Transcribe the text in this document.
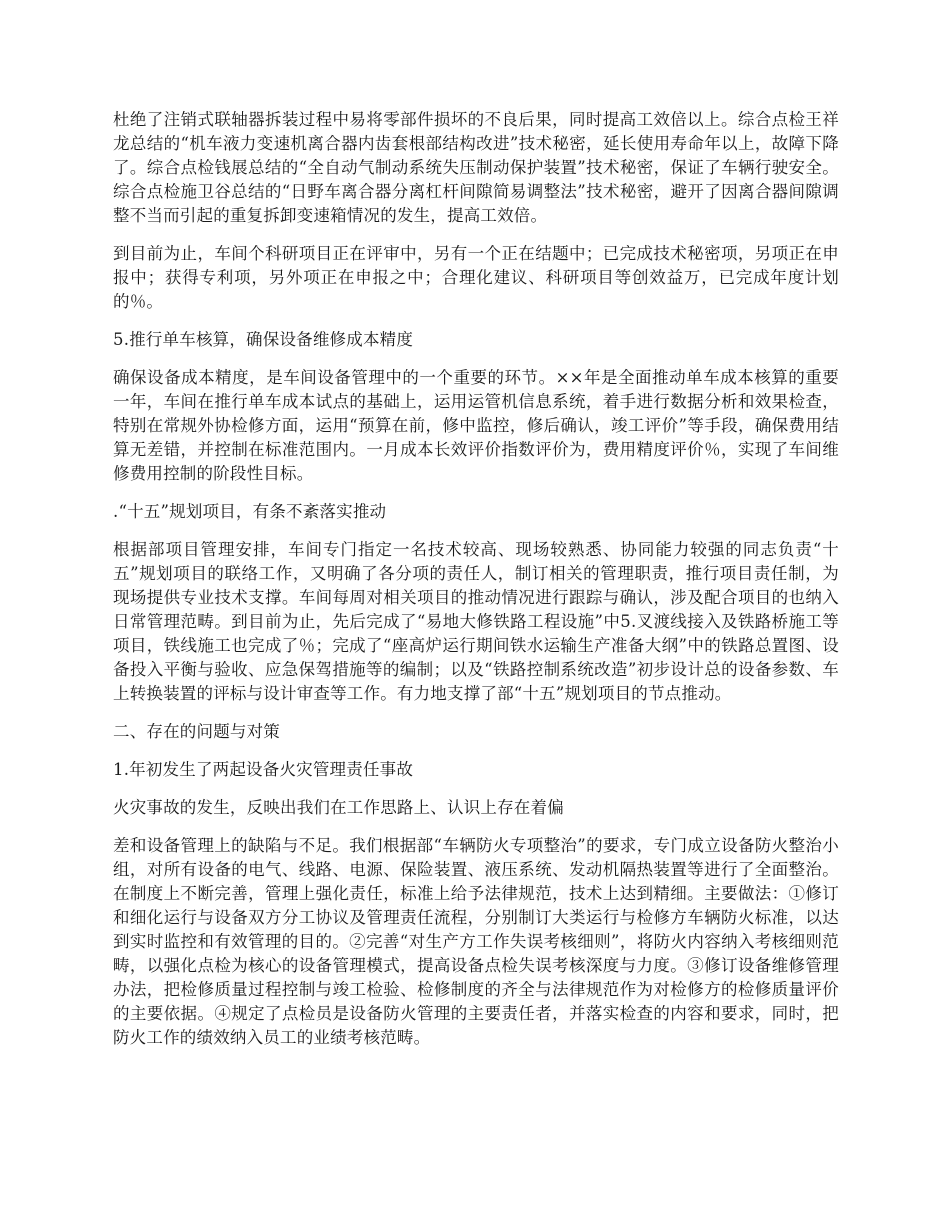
杜绝了注销式联轴器拆装过程中易将零部件损坏的不良后果，同时提高工效倍以上。综合点检王祥龙总结的“机车液力变速机离合器内齿套根部结构改进”技术秘密，延长使用寿命年以上，故障下降了。综合点检钱展总结的“全自动气制动系统失压制动保护装置”技术秘密，保证了车辆行驶安全。综合点检施卫谷总结的“日野车离合器分离杠杆间隙简易调整法”技术秘密，避开了因离合器间隙调整不当而引起的重复拆卸变速箱情况的发生，提高工效倍。

到目前为止，车间个科研项目正在评审中，另有一个正在结题中；已完成技术秘密项，另项正在申报中；获得专利项，另外项正在申报之中；合理化建议、科研项目等创效益万，已完成年度计划的％。

5.推行单车核算，确保设备维修成本精度

确保设备成本精度，是车间设备管理中的一个重要的环节。××年是全面推动单车成本核算的重要一年，车间在推行单车成本试点的基础上，运用运管机信息系统，着手进行数据分析和效果检查，特别在常规外协检修方面，运用“预算在前，修中监控，修后确认，竣工评价”等手段，确保费用结算无差错，并控制在标准范围内。一月成本长效评价指数评价为，费用精度评价％，实现了车间维修费用控制的阶段性目标。

.“十五”规划项目，有条不紊落实推动

根据部项目管理安排，车间专门指定一名技术较高、现场较熟悉、协同能力较强的同志负责“十五”规划项目的联络工作，又明确了各分项的责任人，制订相关的管理职责，推行项目责任制，为现场提供专业技术支撑。车间每周对相关项目的推动情况进行跟踪与确认，涉及配合项目的也纳入日常管理范畴。到目前为止，先后完成了“易地大修铁路工程设施”中5.叉渡线接入及铁路桥施工等项目，铁线施工也完成了％；完成了“座高炉运行期间铁水运输生产准备大纲”中的铁路总置图、设备投入平衡与验收、应急保驾措施等的编制；以及“铁路控制系统改造”初步设计总的设备参数、车上转换装置的评标与设计审查等工作。有力地支撑了部“十五”规划项目的节点推动。

二、存在的问题与对策

1.年初发生了两起设备火灾管理责任事故

火灾事故的发生，反映出我们在工作思路上、认识上存在着偏

差和设备管理上的缺陷与不足。我们根据部“车辆防火专项整治”的要求，专门成立设备防火整治小组，对所有设备的电气、线路、电源、保险装置、液压系统、发动机隔热装置等进行了全面整治。在制度上不断完善，管理上强化责任，标准上给予法律规范，技术上达到精细。主要做法：①修订和细化运行与设备双方分工协议及管理责任流程，分别制订大类运行与检修方车辆防火标准，以达到实时监控和有效管理的目的。②完善“对生产方工作失误考核细则”，将防火内容纳入考核细则范畴，以强化点检为核心的设备管理模式，提高设备点检失误考核深度与力度。③修订设备维修管理办法，把检修质量过程控制与竣工检验、检修制度的齐全与法律规范作为对检修方的检修质量评价的主要依据。④规定了点检员是设备防火管理的主要责任者，并落实检查的内容和要求，同时，把防火工作的绩效纳入员工的业绩考核范畴。
